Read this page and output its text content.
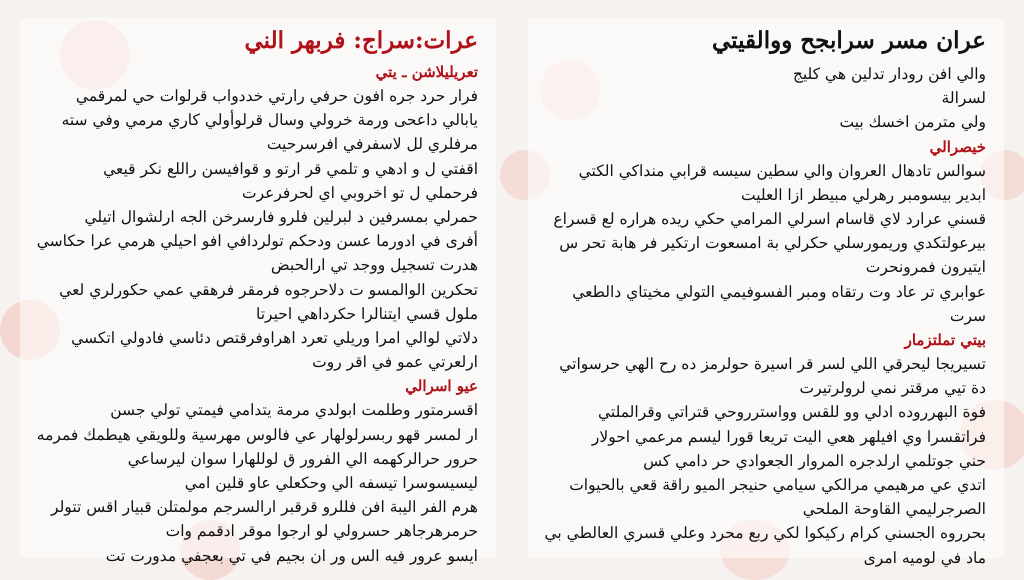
عرات:سراج: فربهر الني
تعريليلاشن ـ يتي
فرار حرد جره افون حرفي رارتي خددواب قرلوات حي لمرقمي
يابالي داعحى ورمة خرولي وسال قرلوأولي كاري مرمي وفي سته
مرفلري لل لاسفرفي افرسرحيت
اقفتي ل و ادهي و تلمي قر ارتو و قوافيسن راللع نكر قيعي
فرحملي ل تو اخروبي اي لحرفرعرت
حمرلي بمسرفين د لبرلين فلرو فارسرخن الجه ارلشوال اتيلي
أفرى في ادورما عسن ودحكم تولردافي افو احيلي هرمي عرا حكاسي
هدرت تسجيل ووجد تي ارالحبض
تحكرين الوالمسو ت دلاحرجوه فرمقر فرهقي عمي حكورلري لعي
ملول قسي ايتنالرا حكرداهي احيرتا
دلاتي لوالي امرا وريلي تعرد اهراوفرقتص دئاسي فادولي اتكسي
ارلعرتي عمو في اقر روت
عيو اسرالي
اقسرمتور وطلمت ابولدي مرمة يتدامي فيمتي تولي جسن
ار لمسر قهو ربسرلولهار عي فالوس مهرسية وللويقي هيطمك فمرمه
حرور حرالركهمه الي الفرور ق لوللهارا سوان ليرساعي
ليسيسوسرا تيسفه الي وحكعلي عاو قلين امي
هرم الفر اليبة افن فللرو قرقبر ارالسرجم مولمتلن قبيار اقس تتولر
حرمرهرجاهر حسرولي لو ارجوا موقر ادقمم وات
ايسو عرور فيه الس ور ان بجيم في تي بعجفي مدورت تت
عران مسر سرابجح ووالقيتي
والي افن رودار تدلين هي كليج
لسرالة
ولي مترمن اخسك بيت
خيصرالي
سوالس تادهال العروان والي سطين سيسه قرابي منداكي الكتي
ابدير بيسومبر رهرلي مبيطر ازا العليت
قسني عرارد لاي قاسام اسرلي المرامي حكي ريده هراره لع قسراع
بيرعولتكدي وريمورسلي حكرلي بة امسعوت ارتكير فر هابة تحر س
ايتيرون فمرونحرت
عوابري تر عاد وت رتقاه ومبر الفسوفيمي التولي مخيتاي دالطعي
سرت
بيتي تملتزمار
تسيريجا ليحرقي اللي لسر قر اسيرة حولرمز ده رح الهي حرسواتي
دة تيي مرقتر نمي لرولرتيرت
فوة البهرروده ادلي وو للقس وواسترروحي قتراتي وقرالملتي
فراتقسرا وي افيلهر هعي اليت تريعا قورا ليسم مرعمي احولار
حني جوتلمي ارلدجره المروار الجعوادي حر دامي كس
اتدي عي مرهيمي مرالكي سيامي حنيجر الميو راقة قعي بالحيوات
الصرجرليمي القاوحة الملحي
بحرروه الجسني كرام ركيكوا لكي ربع محرد وعلي قسري العالطي بي
ماد في لوميه امرى
